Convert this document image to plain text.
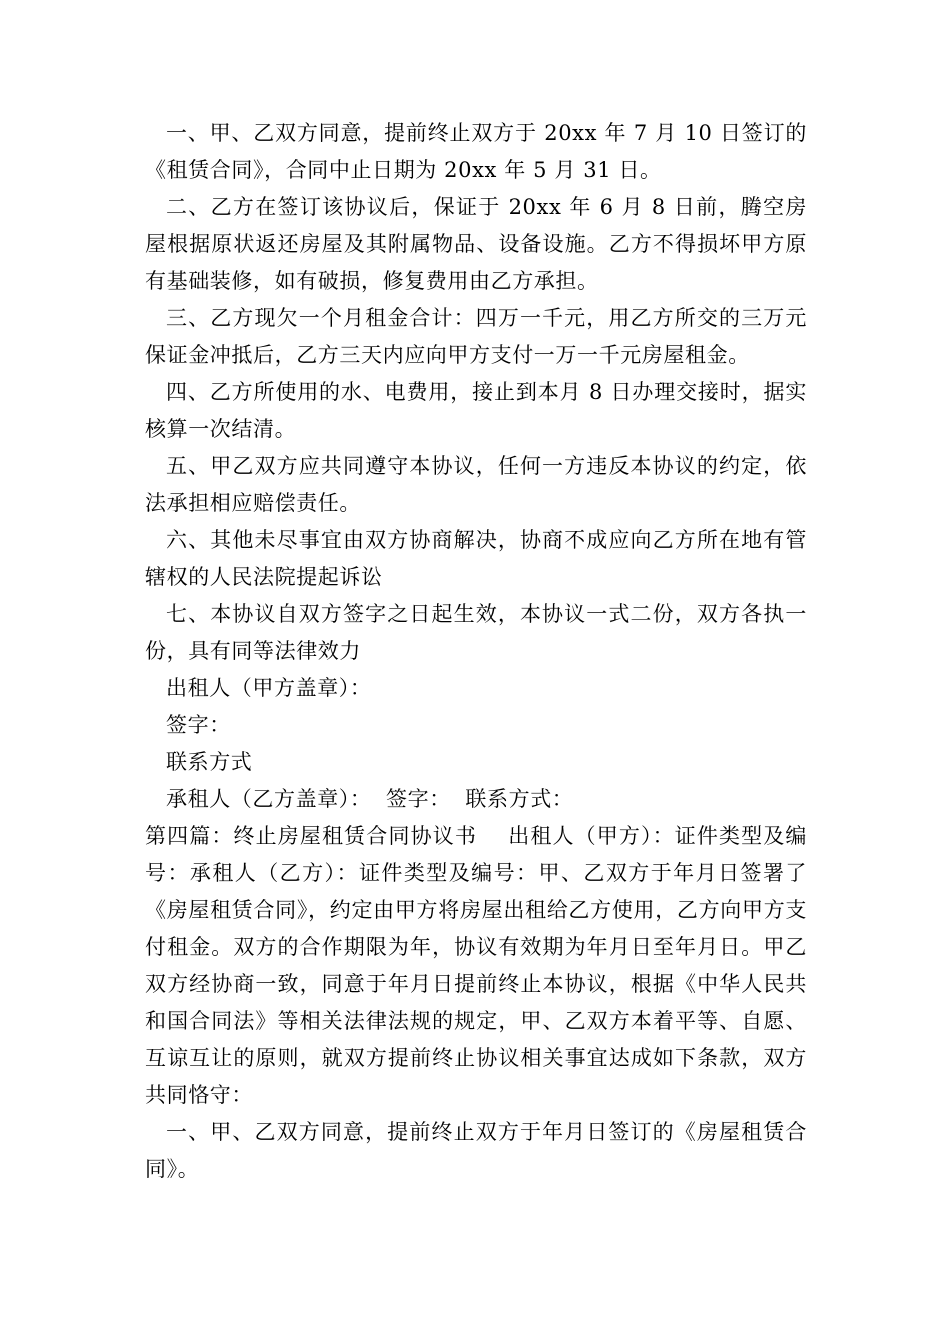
一、甲、乙双方同意，提前终止双方于 20xx 年 7 月 10 日签订的《租赁合同》，合同中止日期为 20xx 年 5 月 31 日。

二、乙方在签订该协议后，保证于 20xx 年 6 月 8 日前，腾空房屋根据原状返还房屋及其附属物品、设备设施。乙方不得损坏甲方原有基础装修，如有破损，修复费用由乙方承担。

三、乙方现欠一个月租金合计：四万一千元，用乙方所交的三万元保证金冲抵后，乙方三天内应向甲方支付一万一千元房屋租金。

四、乙方所使用的水、电费用，接止到本月 8 日办理交接时，据实核算一次结清。

五、甲乙双方应共同遵守本协议，任何一方违反本协议的约定，依法承担相应赔偿责任。

六、其他未尽事宜由双方协商解决，协商不成应向乙方所在地有管辖权的人民法院提起诉讼

七、本协议自双方签字之日起生效，本协议一式二份，双方各执一份，具有同等法律效力

出租人（甲方盖章）：

签字：

联系方式

承租人（乙方盖章）：  签字：  联系方式：

第四篇：终止房屋租赁合同协议书    出租人（甲方）：证件类型及编号：承租人（乙方）：证件类型及编号：甲、乙双方于年月日签署了《房屋租赁合同》，约定由甲方将房屋出租给乙方使用，乙方向甲方支付租金。双方的合作期限为年，协议有效期为年月日至年月日。甲乙双方经协商一致，同意于年月日提前终止本协议，根据《中华人民共和国合同法》等相关法律法规的规定，甲、乙双方本着平等、自愿、互谅互让的原则，就双方提前终止协议相关事宜达成如下条款，双方共同恪守：

一、甲、乙双方同意，提前终止双方于年月日签订的《房屋租赁合同》。
